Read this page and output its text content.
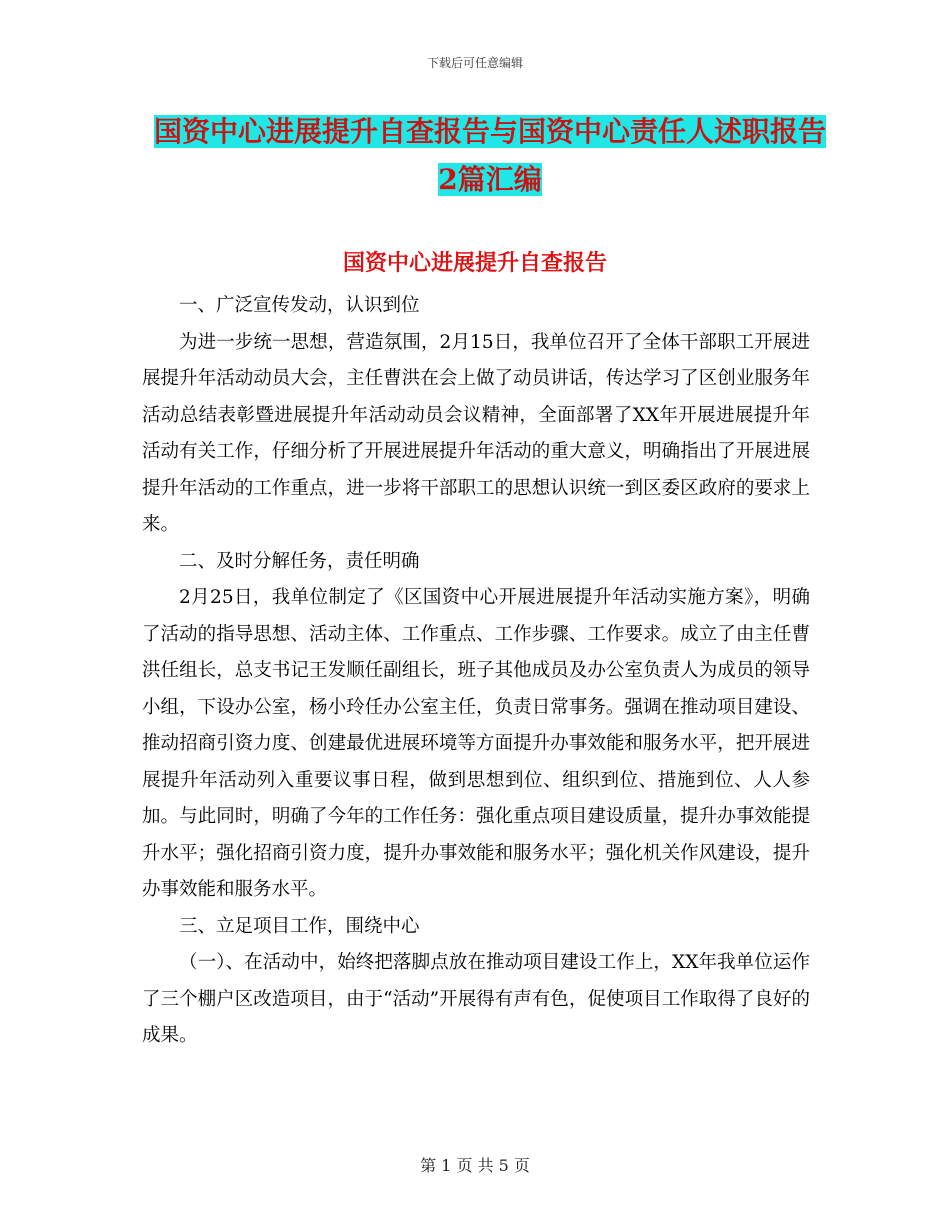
下载后可任意编辑
国资中心进展提升自查报告与国资中心责任人述职报告2篇汇编
国资中心进展提升自查报告

一、广泛宣传发动，认识到位

为进一步统一思想，营造氛围，2月15日，我单位召开了全体干部职工开展进展提升年活动动员大会，主任曹洪在会上做了动员讲话，传达学习了区创业服务年活动总结表彰暨进展提升年活动动员会议精神，全面部署了XX年开展进展提升年活动有关工作，仔细分析了开展进展提升年活动的重大意义，明确指出了开展进展提升年活动的工作重点，进一步将干部职工的思想认识统一到区委区政府的要求上来。

二、及时分解任务，责任明确

2月25日，我单位制定了《区国资中心开展进展提升年活动实施方案》，明确了活动的指导思想、活动主体、工作重点、工作步骤、工作要求。成立了由主任曹洪任组长，总支书记王发顺任副组长，班子其他成员及办公室负责人为成员的领导小组，下设办公室，杨小玲任办公室主任，负责日常事务。强调在推动项目建设、推动招商引资力度、创建最优进展环境等方面提升办事效能和服务水平，把开展进展提升年活动列入重要议事日程，做到思想到位、组织到位、措施到位、人人参加。与此同时，明确了今年的工作任务：强化重点项目建设质量，提升办事效能提升水平；强化招商引资力度，提升办事效能和服务水平；强化机关作风建设，提升办事效能和服务水平。

三、立足项目工作，围绕中心

（一）、在活动中，始终把落脚点放在推动项目建设工作上，XX年我单位运作了三个棚户区改造项目，由于“活动”开展得有声有色，促使项目工作取得了良好的成果。

第 1 页 共 5 页
